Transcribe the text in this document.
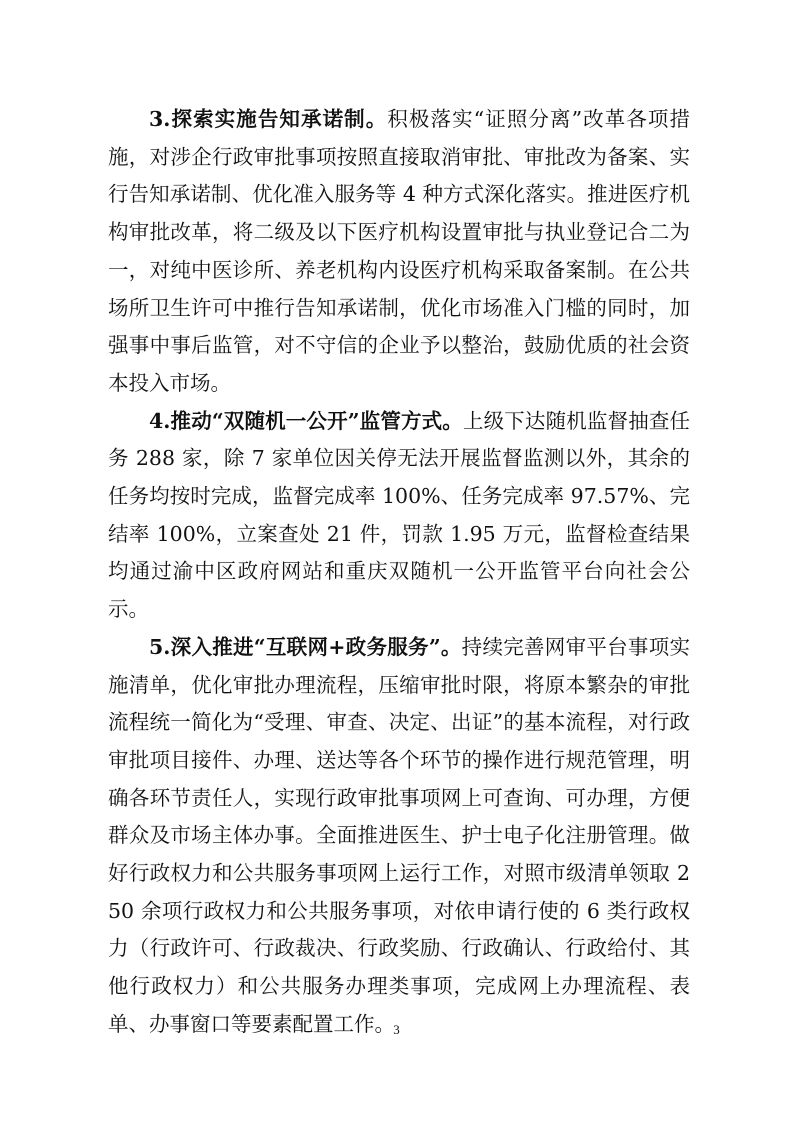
3.探索实施告知承诺制。积极落实“证照分离”改革各项措施，对涉企行政审批事项按照直接取消审批、审批改为备案、实行告知承诺制、优化准入服务等 4 种方式深化落实。推进医疗机构审批改革，将二级及以下医疗机构设置审批与执业登记合二为一，对纯中医诊所、养老机构内设医疗机构采取备案制。在公共场所卫生许可中推行告知承诺制，优化市场准入门槛的同时，加强事中事后监管，对不守信的企业予以整治，鼓励优质的社会资本投入市场。

4.推动“双随机一公开”监管方式。上级下达随机监督抽查任务 288 家，除 7 家单位因关停无法开展监督监测以外，其余的任务均按时完成，监督完成率 100%、任务完成率 97.57%、完结率 100%，立案查处 21 件，罚款 1.95 万元，监督检查结果均通过渝中区政府网站和重庆双随机一公开监管平台向社会公示。

5.深入推进“互联网+政务服务”。持续完善网审平台事项实施清单，优化审批办理流程，压缩审批时限，将原本繁杂的审批流程统一简化为“受理、审查、决定、出证”的基本流程，对行政审批项目接件、办理、送达等各个环节的操作进行规范管理，明确各环节责任人，实现行政审批事项网上可查询、可办理，方便群众及市场主体办事。全面推进医生、护士电子化注册管理。做好行政权力和公共服务事项网上运行工作，对照市级清单领取 250 余项行政权力和公共服务事项，对依申请行使的 6 类行政权力（行政许可、行政裁决、行政奖励、行政确认、行政给付、其他行政权力）和公共服务办理类事项，完成网上办理流程、表单、办事窗口等要素配置工作。

3
